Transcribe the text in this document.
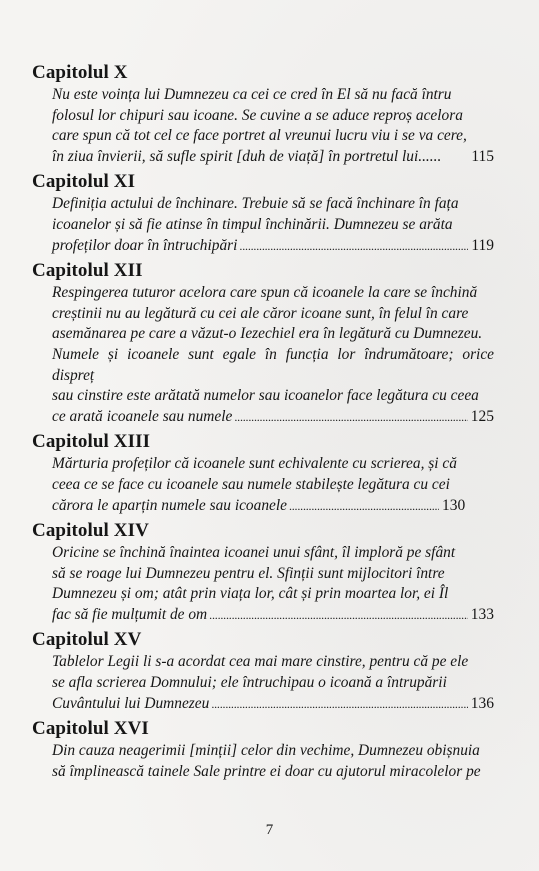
Capitolul X
Nu este voința lui Dumnezeu ca cei ce cred în El să nu facă întru
folosul lor chipuri sau icoane. Se cuvine a se aduce reproș acelora
care spun că tot cel ce face portret al vreunui lucru viu i se va cere,
în ziua învierii, să sufle spirit [duh de viață] în portretul lui...... 115
Capitolul XI
Definiția actului de închinare. Trebuie să se facă închinare în fața
icoanelor și să fie atinse în timpul închinării. Dumnezeu se arăta
profeților doar în întruchipări . . .	119
Capitolul XII
Respingerea tuturor acelora care spun că icoanele la care se închină
creștinii nu au legătură cu cei ale căror icoane sunt, în felul în care
asemănarea pe care a văzut-o Iezechiel era în legătură cu Dumnezeu.
Numele și icoanele sunt egale în funcția lor îndrumătoare; orice dispreț
sau cinstire este arătată numelor sau icoanelor face legătura cu ceea
ce arată icoanele sau numele . . .	125
Capitolul XIII
Mărturia profeților că icoanele sunt echivalente cu scrierea, și că
ceea ce se face cu icoanele sau numele stabilește legătura cu cei
cărora le aparțin numele sau icoanele . . .	130
Capitolul XIV
Oricine se închină înaintea icoanei unui sfânt, îl imploră pe sfânt
să se roage lui Dumnezeu pentru el. Sfinții sunt mijlocitori între
Dumnezeu și om; atât prin viața lor, cât și prin moartea lor, ei Îl
fac să fie mulțumit de om . . .	133
Capitolul XV
Tablelor Legii li s-a acordat cea mai mare cinstire, pentru că pe ele
se afla scrierea Domnului; ele întruchipau o icoană a întrupării
Cuvântului lui Dumnezeu . . .	136
Capitolul XVI
Din cauza neagerimii [minții] celor din vechime, Dumnezeu obișnuia
să împlinească tainele Sale printre ei doar cu ajutorul miracolelor pe
7
